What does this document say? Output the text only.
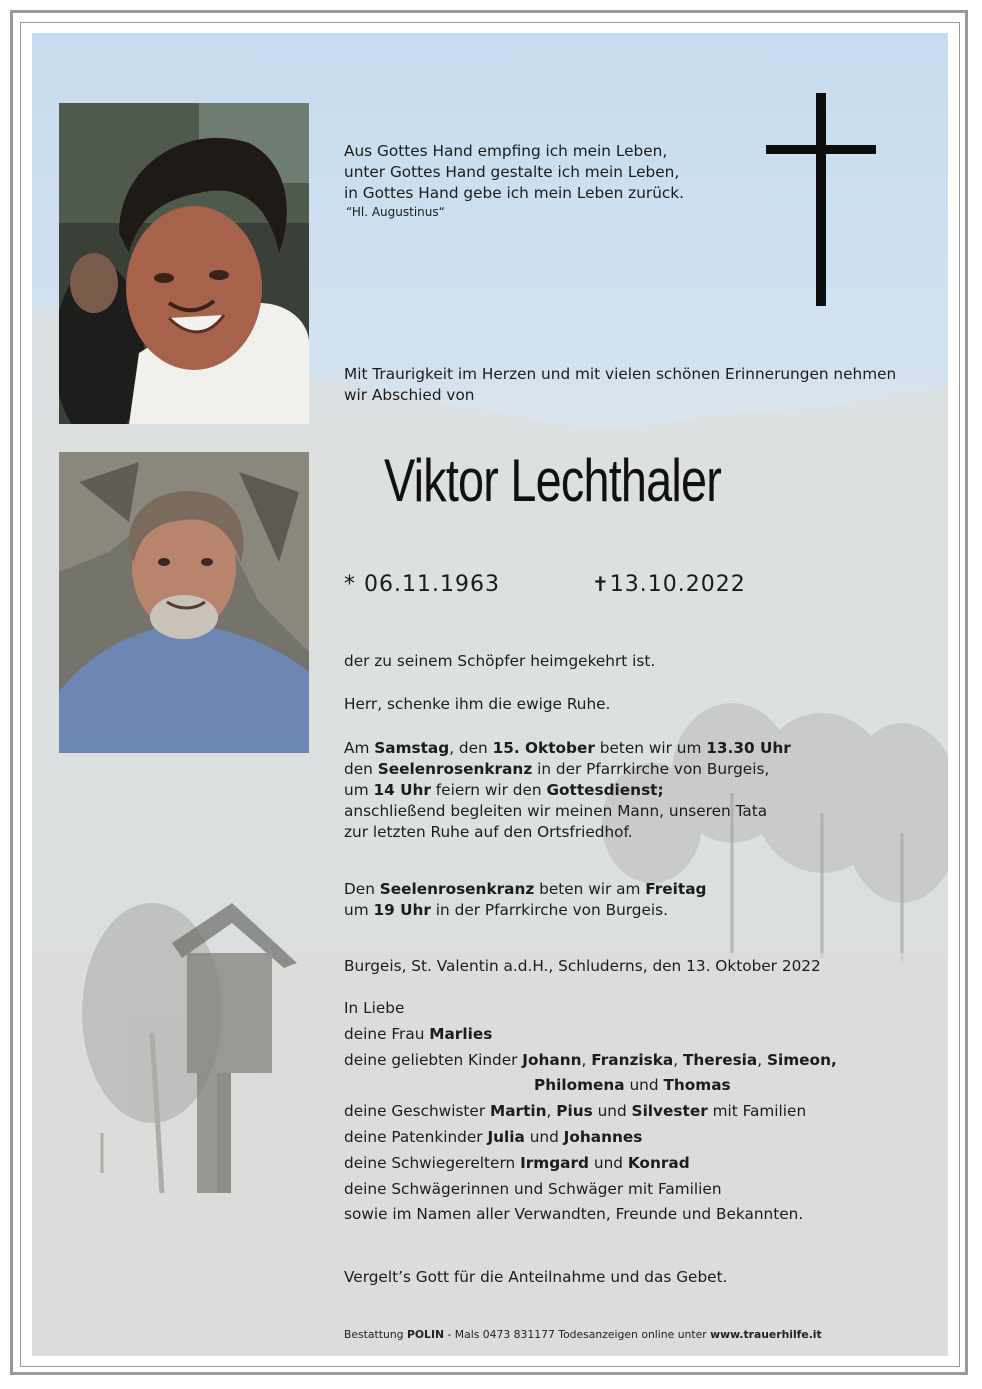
Aus Gottes Hand empfing ich mein Leben,
unter Gottes Hand gestalte ich mein Leben,
in Gottes Hand gebe ich mein Leben zurück.
“Hl. Augustinus“
Mit Traurigkeit im Herzen und mit vielen schönen Erinnerungen nehmen
wir Abschied von
Viktor Lechthaler
* 06.11.1963	✝13.10.2022
der zu seinem Schöpfer heimgekehrt ist.
Herr, schenke ihm die ewige Ruhe.
Am Samstag, den 15. Oktober beten wir um 13.30 Uhr
den Seelenrosenkranz in der Pfarrkirche von Burgeis,
um 14 Uhr feiern wir den Gottesdienst;
anschließend begleiten wir meinen Mann, unseren Tata
zur letzten Ruhe auf den Ortsfriedhof.
Den Seelenrosenkranz beten wir am Freitag
um 19 Uhr in der Pfarrkirche von Burgeis.
Burgeis, St. Valentin a.d.H., Schluderns, den 13. Oktober 2022
In Liebe
deine Frau Marlies
deine geliebten Kinder Johann, Franziska, Theresia, Simeon,
Philomena und Thomas
deine Geschwister Martin, Pius und Silvester mit Familien
deine Patenkinder Julia und Johannes
deine Schwiegereltern Irmgard und Konrad
deine Schwägerinnen und Schwäger mit Familien
sowie im Namen aller Verwandten, Freunde und Bekannten.
Vergelt’s Gott für die Anteilnahme und das Gebet.
Bestattung POLIN - Mals 0473 831177 Todesanzeigen online unter www.trauerhilfe.it
